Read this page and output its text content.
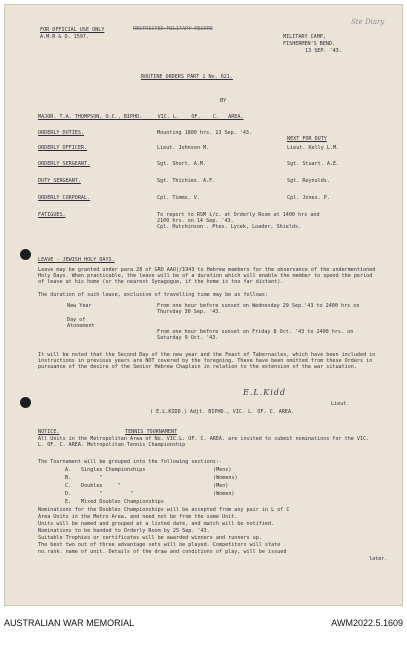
FOR OFFICIAL USE ONLY
A.M.R & O. 1597.
RESTRICTED MILITARY RECORD
MILITARY CAMP,
FISHERMEN'S BEND.
13 SEP. '43.
Ste Diary
ROUTINE ORDERS PART 1 No. 621.
BY
MAJOR. T.A. THOMPSON, O.C., BIPHD.     VIC. L.    OF.    C.   AREA.
ORDERLY DUTIES.	Mounting 1800 hrs. 13 Sep. '43.
NEXT FOR DUTY
ORDERLY OFFICER.	Lieut. Johnson M.	Lieut. Kelly L.M.
ORDERLY SERGEANT.	Sgt. Short. A.M.	Sgt. Stuart. A.E.
DUTY SERGEANT.	Sgt. Thichies. A.F.	Sgt. Reynolds.
ORDERLY CORPORAL.	Cpl. Timms. V.	Cpl. Jones. P.
FATIGUES.	To report to RSM i/c. at Orderly Room at 1400 hrs and
2100 hrs. on 14 Sep. '43.
Cpl. Hutchinson . Ptes. Lycek, Loader, Shields.
LEAVE - JEWISH HOLY DAYS.
Leave may be granted under para 28 of GRO AAO(/1943 to Hebrew members for the observance of the undermentioned Holy Days. When practicable, the leave will be of a duration which will enable the member to spend the period of leave at his home (or the nearest Synagogue, if the home is too far distant).
The duration of such leave, exclusive of travelling time may be as follows:
New Year	From one hour before sunset on Wednesday 29 Sep.'43 to 2400 hrs on Thursday 30 Sep. '43.
Day of
Atonement
From one hour before sunset on Friday 8 Oct. '43 to 2400 hrs. on Saturday 9 Oct. '43.
It will be noted that the Second Day of the new year and the Feast of Tabernacles, which have been included in instructions in previous years are NOT covered by the foregoing. These have been omitted from these Orders in pursuance of the desire of the Senior Hebrew Chaplain in relation to the extension of the war situation.
E.L.Kidd
Lieut.
( E.L.KIDD.) Adjt. BIPHD., VIC. L. OF. C. AREA.
NOTICE.	TENNIS TOURNAMENT
All Units in the Metropolitan Area of No. VIC.L. OF. C. AREA. are invited to submit nominations for the VIC. L. OF. C. AREA. Metropolitan Tennis Championship
The Tournament will be grouped into the following sections:-
A. Singles Championships	(Mens)
B. "	(Womens)
C. Doubles     "	(Men)
D. "         "	(Women)
E. Mixed Doubles Championships
Nominations for the Doubles Championships will be accepted from any pair in L of C
Area Units in the Metro Area, and need not be from the same Unit.
Units will be named and grouped at a listed date, and match will be notified.
Nominations to be handed to Orderly Room by 25 Sep. '43.
Suitable Trophies or certificates will be awarded winners and runners up.
The best two out of three advantage sets will be played. Competitors will state
no.rank. name of unit. Details of the draw and conditions of play, will be issued
later.
AUSTRALIAN WAR MEMORIAL	AWM2022.5.1609
